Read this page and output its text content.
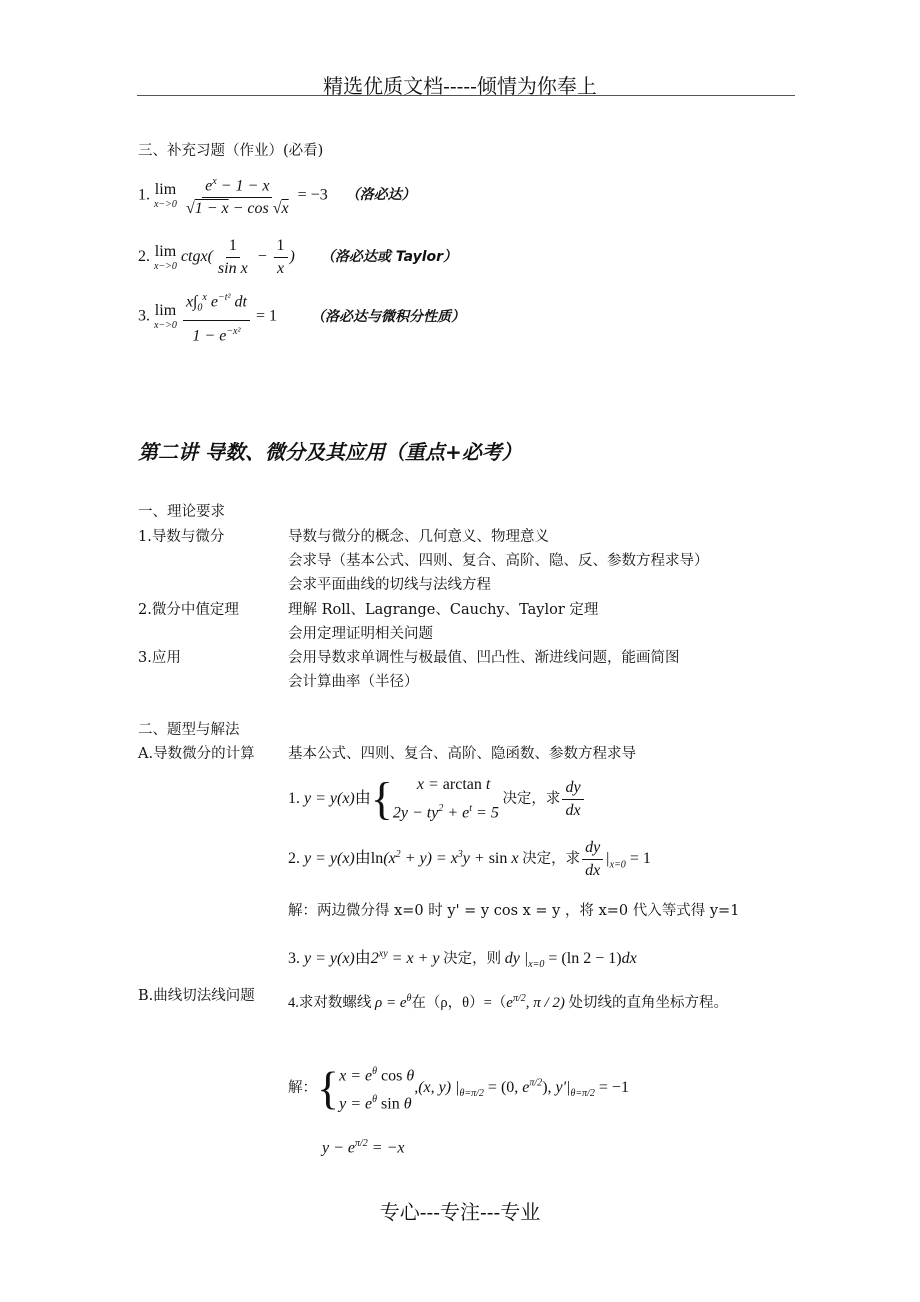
精选优质文档-----倾情为你奉上
三、补充习题（作业）(必看)
1. lim
x−>0
$\frac{e^x - 1 - x}{√1 - x - \cos √x} = -3$ （洛必达）
2. lim
x−>0
ctgx( $\frac{1}{\text{sin x}} - \frac{1}{x}$ ) （洛必达或 Taylor）
3. lim
x−>0
$\frac{x\int_0^x e^{-t^2} dt}{1 - e^{-x^2}} = 1$ （洛必达与微积分性质）
第二讲 导数、微分及其应用（重点+必考）
一、理论要求
1.导数与微分	导数与微分的概念、几何意义、物理意义
会求导（基本公式、四则、复合、高阶、隐、反、参数方程求导）
会求平面曲线的切线与法线方程
2.微分中值定理	理解 Roll、Lagrange、Cauchy、Taylor 定理
会用定理证明相关问题
3.应用	会用导数求单调性与极最值、凹凸性、渐进线问题，能画简图
会计算曲率（半径）
二、题型与解法
A.导数微分的计算 基本公式、四则、复合、高阶、隐函数、参数方程求导
1. y = y(x)由{	x = arctan t
$2y - ty^2 + e^t = 5$
决定，求 $\frac{dy}{dx}$
2. y = y(x)由$\ln(x^2 + y) = x^3y + \sin x$ 决定，求 $\frac{dy}{dx} |_{x=0} = 1$
解：两边微分得 x=0 时 y' = y cos x = y ，将 x=0 代入等式得 y=1
3. y = y(x)由$2^{xy} = x + y$ 决定，则 dy $|_{x=0} = (\ln$ 2 − 1)dx
B.曲线切法线问题 4.求对数螺线 $\rho = e^\theta$在（ρ，$\theta)=(e^{\pi/2}$, π / 2) 处切线的直角坐标方程。
解：{ $x = e^\theta$ cos θ
$y = e^\theta$ sin θ
,(x, y) $|_{\theta=\pi/2} = (0$, $e^{\pi/2}$), $y'|_{\theta=\pi/2} = -1$
$y - e^{\pi/2} = -x$
专心---专注---专业
